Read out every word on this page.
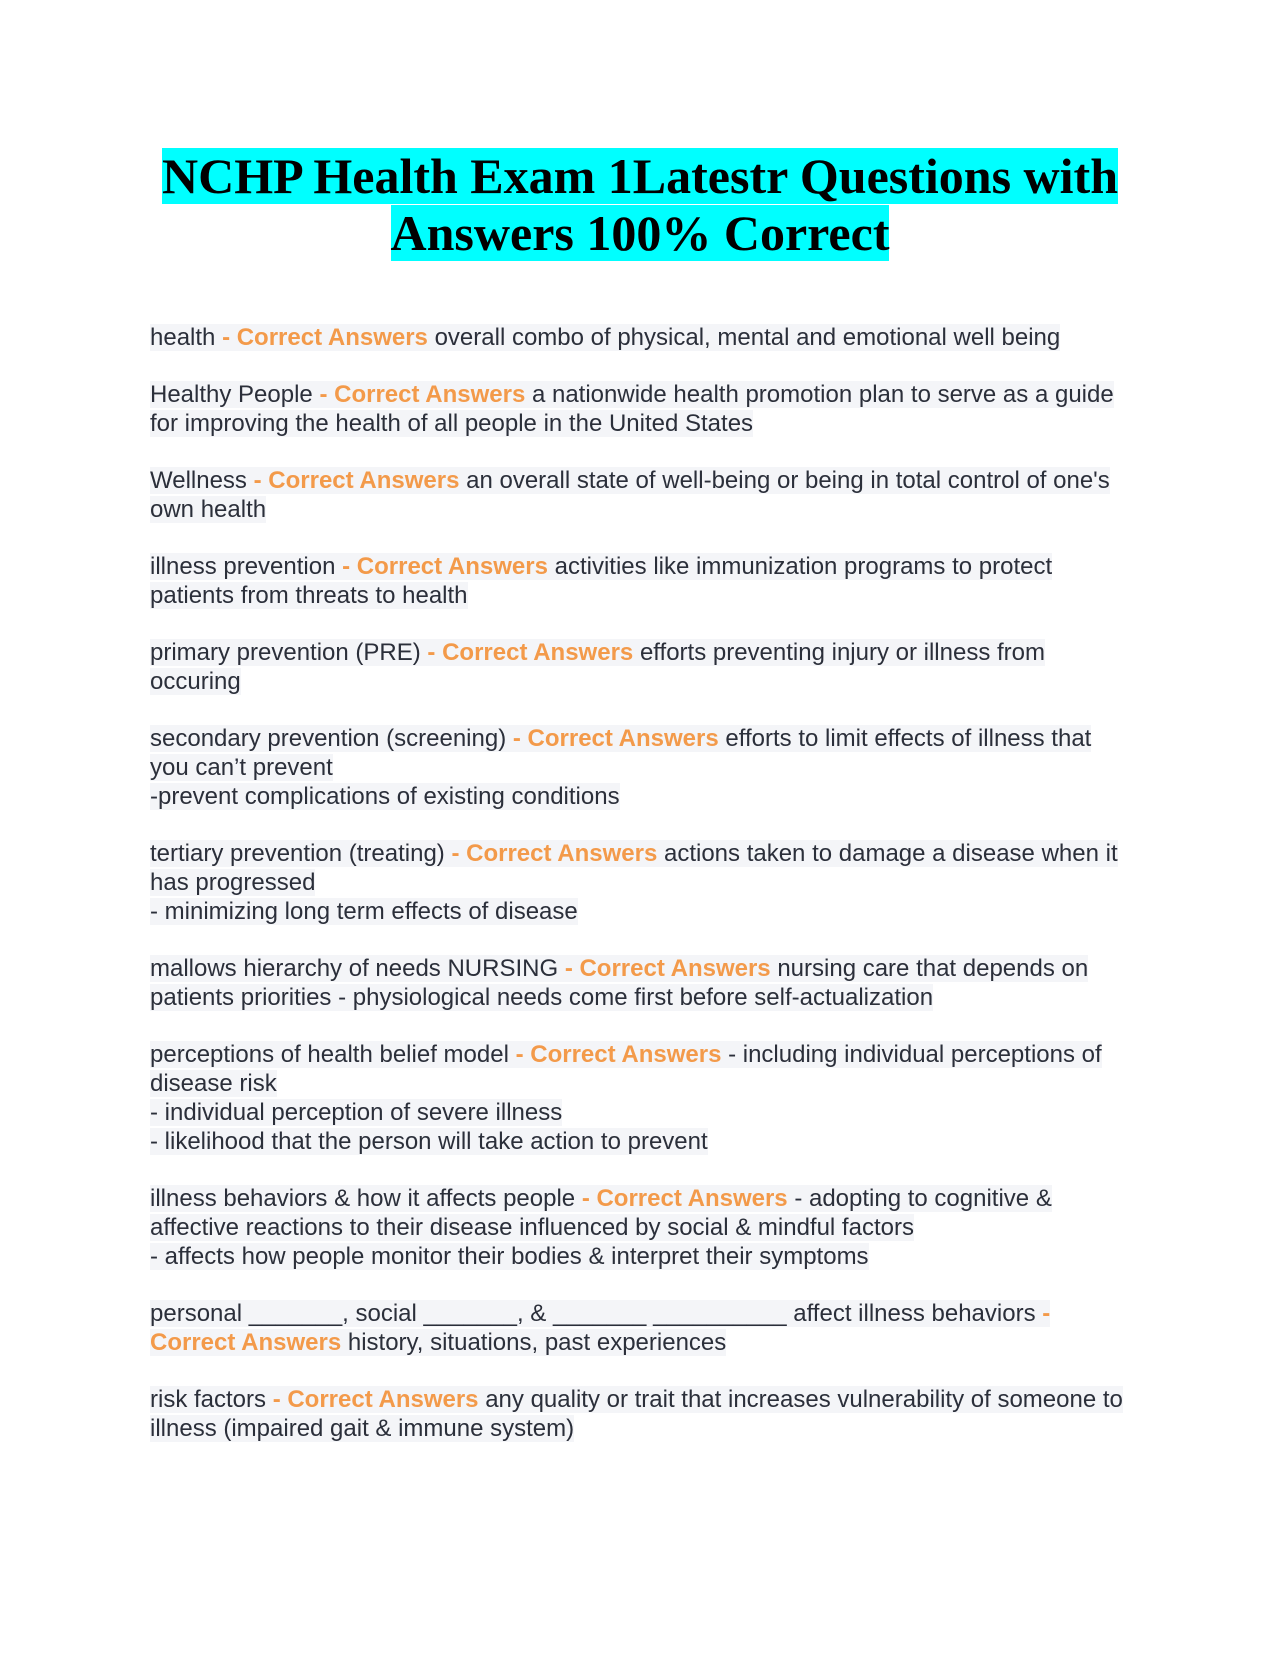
NCHP Health Exam 1Latestr Questions with Answers 100% Correct
health - Correct Answers overall combo of physical, mental and emotional well being
Healthy People - Correct Answers a nationwide health promotion plan to serve as a guide for improving the health of all people in the United States
Wellness - Correct Answers an overall state of well-being or being in total control of one's own health
illness prevention - Correct Answers activities like immunization programs to protect patients from threats to health
primary prevention (PRE) - Correct Answers efforts preventing injury or illness from occuring
secondary prevention (screening) - Correct Answers efforts to limit effects of illness that you can’t prevent
-prevent complications of existing conditions
tertiary prevention (treating) - Correct Answers actions taken to damage a disease when it has progressed
- minimizing long term effects of disease
mallows hierarchy of needs NURSING - Correct Answers nursing care that depends on patients priorities - physiological needs come first before self-actualization
perceptions of health belief model - Correct Answers - including individual perceptions of disease risk
- individual perception of severe illness
- likelihood that the person will take action to prevent
illness behaviors & how it affects people - Correct Answers - adopting to cognitive & affective reactions to their disease influenced by social & mindful factors
- affects how people monitor their bodies & interpret their symptoms
personal _______, social _______, & _______ __________ affect illness behaviors - Correct Answers history, situations, past experiences
risk factors - Correct Answers any quality or trait that increases vulnerability of someone to illness (impaired gait & immune system)
